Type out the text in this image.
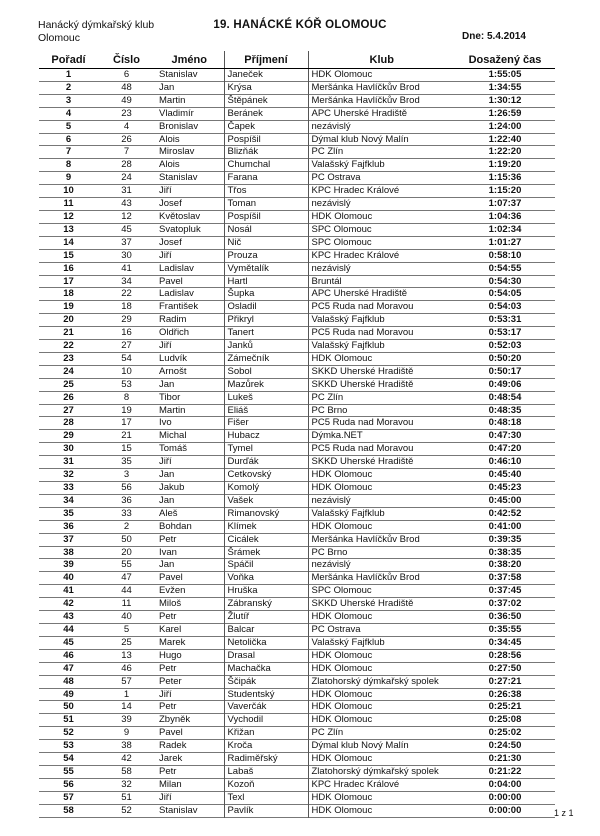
Hanácký dýmkařský klub
Olomouc
19. HANÁCKÉ KÓŘ OLOMOUC
Dne: 5.4.2014
Pořadí	Číslo	Jméno	Příjmení	Klub	Dosažený čas
1	6	Stanislav	Janeček	HDK Olomouc	1:55:05
2	48	Jan	Krýsa	Meršánka Havlíčkův Brod	1:34:55
3	49	Martin	Štěpánek	Meršánka Havlíčkův Brod	1:30:12
4	23	Vladimír	Beránek	APC Uherské Hradiště	1:26:59
5	4	Bronislav	Čapek	nezávislý	1:24:00
6	26	Alois	Pospíšil	Dýmal klub Nový Malín	1:22:40
7	7	Miroslav	Blizňák	PC Zlín	1:22:20
8	28	Alois	Chumchal	Valašský Fajfklub	1:19:20
9	24	Stanislav	Farana	PC Ostrava	1:15:36
10	31	Jiří	Třos	KPC Hradec Králové	1:15:20
11	43	Josef	Toman	nezávislý	1:07:37
12	12	Květoslav	Pospíšil	HDK Olomouc	1:04:36
13	45	Svatopluk	Nosál	SPC Olomouc	1:02:34
14	37	Josef	Nič	SPC Olomouc	1:01:27
15	30	Jiří	Prouza	KPC Hradec Králové	0:58:10
16	41	Ladislav	Vymětalík	nezávislý	0:54:55
17	34	Pavel	Hartl	Bruntál	0:54:30
18	22	Ladislav	Šupka	APC Uherské Hradiště	0:54:05
19	18	František	Osladil	PC5 Ruda nad Moravou	0:54:03
20	29	Radim	Přikryl	Valašský Fajfklub	0:53:31
21	16	Oldřich	Tanert	PC5 Ruda nad Moravou	0:53:17
22	27	Jiří	Janků	Valašský Fajfklub	0:52:03
23	54	Ludvík	Zámečník	HDK Olomouc	0:50:20
24	10	Arnošt	Sobol	SKKD Uherské Hradiště	0:50:17
25	53	Jan	Mazůrek	SKKD Uherské Hradiště	0:49:06
26	8	Tibor	Lukeš	PC Zlín	0:48:54
27	19	Martin	Eliáš	PC Brno	0:48:35
28	17	Ivo	Fišer	PC5 Ruda nad Moravou	0:48:18
29	21	Michal	Hubacz	Dýmka.NET	0:47:30
30	15	Tomáš	Tymel	PC5 Ruda nad Moravou	0:47:20
31	35	Jiří	Durďák	SKKD Uherské Hradiště	0:46:10
32	3	Jan	Cetkovský	HDK Olomouc	0:45:40
33	56	Jakub	Komolý	HDK Olomouc	0:45:23
34	36	Jan	Vašek	nezávislý	0:45:00
35	33	Aleš	Rimanovský	Valašský Fajfklub	0:42:52
36	2	Bohdan	Klímek	HDK Olomouc	0:41:00
37	50	Petr	Cicálek	Meršánka Havlíčkův Brod	0:39:35
38	20	Ivan	Šrámek	PC Brno	0:38:35
39	55	Jan	Spáčil	nezávislý	0:38:20
40	47	Pavel	Voňka	Meršánka Havlíčkův Brod	0:37:58
41	44	Evžen	Hruška	SPC Olomouc	0:37:45
42	11	Miloš	Zábranský	SKKD Uherské Hradiště	0:37:02
43	40	Petr	Žlutíř	HDK Olomouc	0:36:50
44	5	Karel	Balcar	PC Ostrava	0:35:55
45	25	Marek	Netolička	Valašský Fajfklub	0:34:45
46	13	Hugo	Drasal	HDK Olomouc	0:28:56
47	46	Petr	Machačka	HDK Olomouc	0:27:50
48	57	Peter	Ščipák	Zlatohorský dýmkařský spolek	0:27:21
49	1	Jiří	Studentský	HDK Olomouc	0:26:38
50	14	Petr	Vaverčák	HDK Olomouc	0:25:21
51	39	Zbyněk	Vychodil	HDK Olomouc	0:25:08
52	9	Pavel	Křižan	PC Zlín	0:25:02
53	38	Radek	Kroča	Dýmal klub Nový Malín	0:24:50
54	42	Jarek	Radiměřský	HDK Olomouc	0:21:30
55	58	Petr	Labaš	Zlatohorský dýmkařský spolek	0:21:22
56	32	Milan	Kozoň	KPC Hradec Králové	0:04:00
57	51	Jiří	Texl	HDK Olomouc	0:00:00
58	52	Stanislav	Pavlík	HDK Olomouc	0:00:00	1 z 1
